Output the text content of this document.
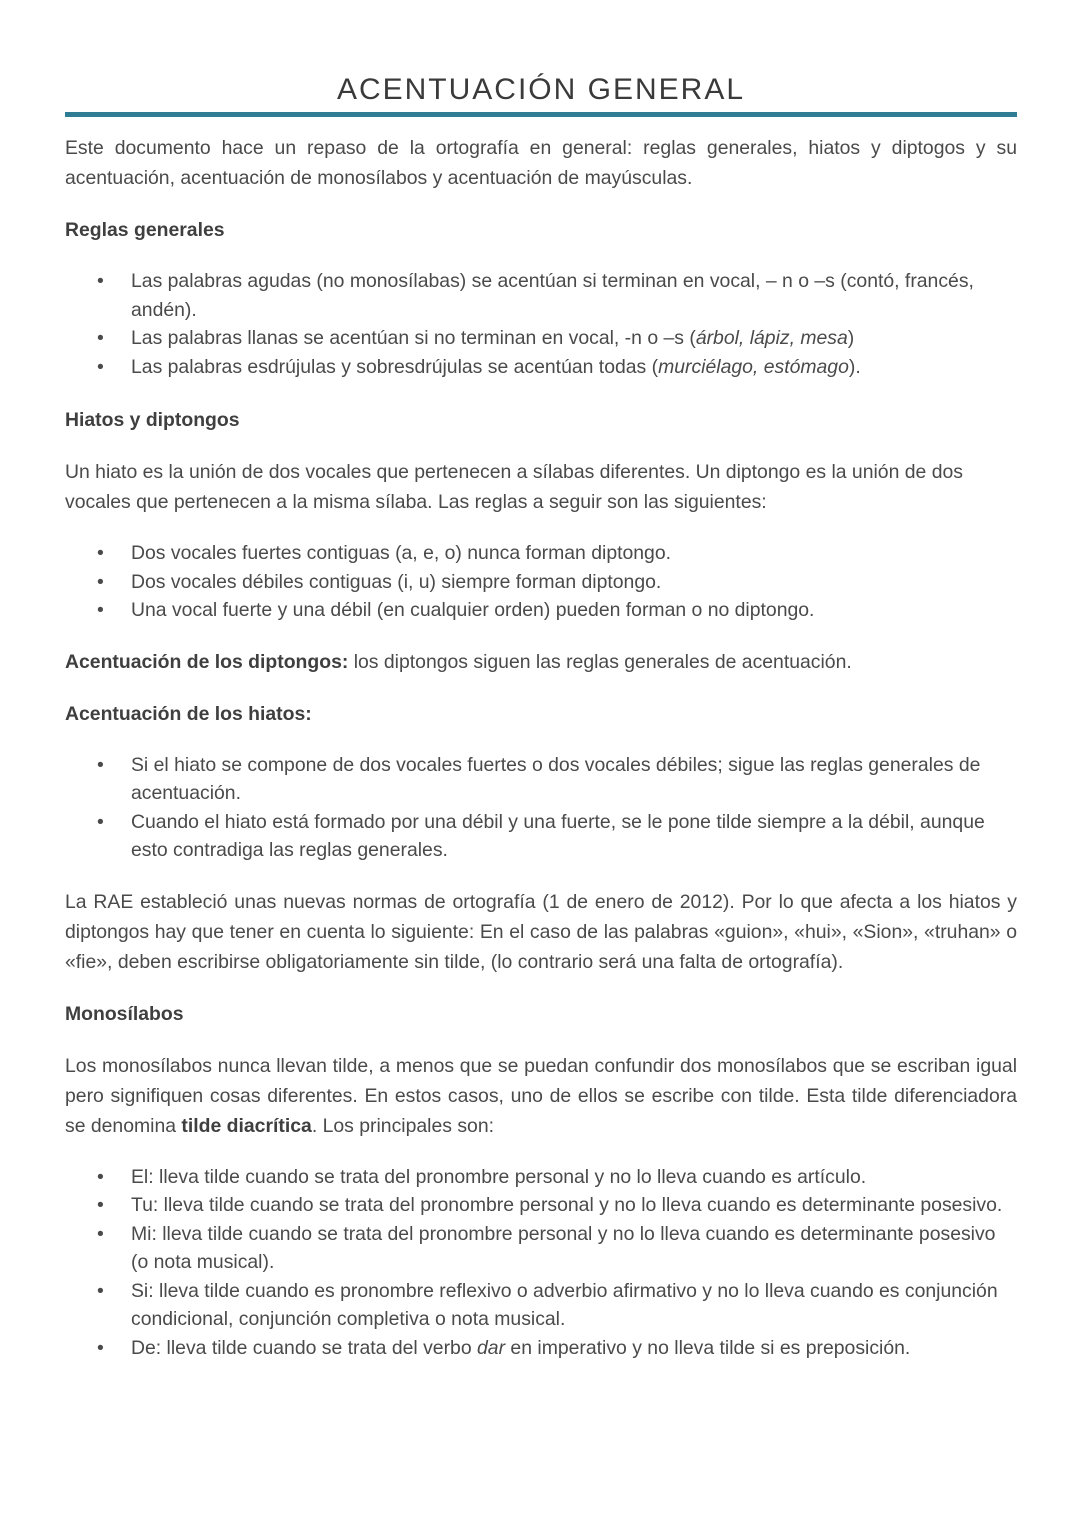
ACENTUACIÓN GENERAL

Este documento hace un repaso de la ortografía en general: reglas generales, hiatos y diptogos y su acentuación, acentuación de monosílabos y acentuación de mayúsculas.

Reglas generales

• Las palabras agudas (no monosílabas) se acentúan si terminan en vocal, – n o –s (contó, francés, andén).
• Las palabras llanas se acentúan si no terminan en vocal, -n o –s (árbol, lápiz, mesa)
• Las palabras esdrújulas y sobresdrújulas se acentúan todas (murciélago, estómago).

Hiatos y diptongos

Un hiato es la unión de dos vocales que pertenecen a sílabas diferentes. Un diptongo es la unión de dos vocales que pertenecen a la misma sílaba. Las reglas a seguir son las siguientes:

• Dos vocales fuertes contiguas (a, e, o) nunca forman diptongo.
• Dos vocales débiles contiguas (i, u) siempre forman diptongo.
• Una vocal fuerte y una débil (en cualquier orden) pueden forman o no diptongo.

Acentuación de los diptongos: los diptongos siguen las reglas generales de acentuación.

Acentuación de los hiatos:

• Si el hiato se compone de dos vocales fuertes o dos vocales débiles; sigue las reglas generales de acentuación.
• Cuando el hiato está formado por una débil y una fuerte, se le pone tilde siempre a la débil, aunque esto contradiga las reglas generales.

La RAE estableció unas nuevas normas de ortografía (1 de enero de 2012). Por lo que afecta a los hiatos y diptongos hay que tener en cuenta lo siguiente: En el caso de las palabras «guion», «hui», «Sion», «truhan» o «fie», deben escribirse obligatoriamente sin tilde, (lo contrario será una falta de ortografía).

Monosílabos

Los monosílabos nunca llevan tilde, a menos que se puedan confundir dos monosílabos que se escriban igual pero signifiquen cosas diferentes. En estos casos, uno de ellos se escribe con tilde. Esta tilde diferenciadora se denomina tilde diacrítica. Los principales son:

• El: lleva tilde cuando se trata del pronombre personal y no lo lleva cuando es artículo.
• Tu: lleva tilde cuando se trata del pronombre personal y no lo lleva cuando es determinante posesivo.
• Mi: lleva tilde cuando se trata del pronombre personal y no lo lleva cuando es determinante posesivo (o nota musical).
• Si: lleva tilde cuando es pronombre reflexivo o adverbio afirmativo y no lo lleva cuando es conjunción condicional, conjunción completiva o nota musical.
• De: lleva tilde cuando se trata del verbo dar en imperativo y no lleva tilde si es preposición.
